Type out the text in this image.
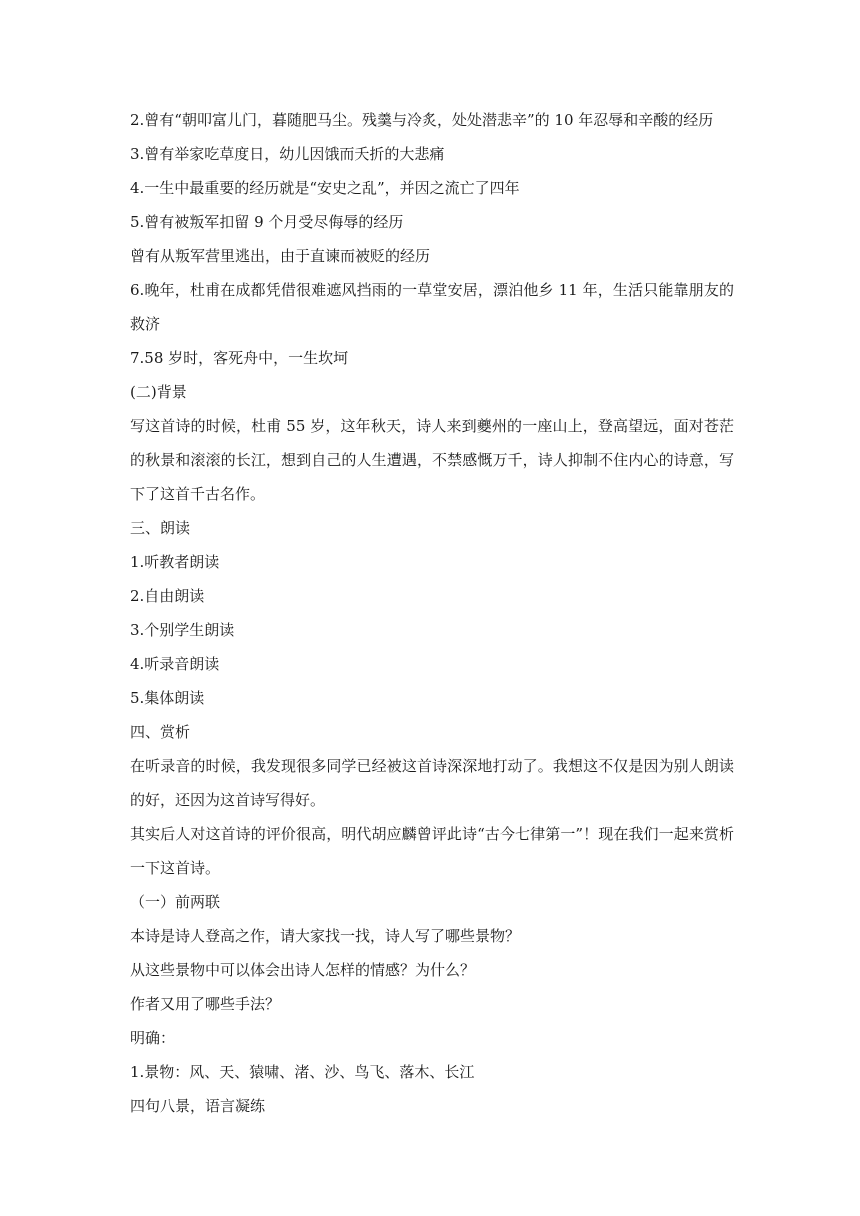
2.曾有“朝叩富儿门，暮随肥马尘。残羹与冷炙，处处潜悲辛”的 10 年忍辱和辛酸的经历
3.曾有举家吃草度日，幼儿因饿而夭折的大悲痛
4.一生中最重要的经历就是“安史之乱”，并因之流亡了四年
5.曾有被叛军扣留 9 个月受尽侮辱的经历
曾有从叛军营里逃出，由于直谏而被贬的经历
6.晚年，杜甫在成都凭借很难遮风挡雨的一草堂安居，漂泊他乡 11 年，生活只能靠朋友的
救济
7.58 岁时，客死舟中，一生坎坷
(二)背景
写这首诗的时候，杜甫 55 岁，这年秋天，诗人来到夔州的一座山上，登高望远，面对苍茫
的秋景和滚滚的长江，想到自己的人生遭遇，不禁感慨万千，诗人抑制不住内心的诗意，写
下了这首千古名作。
三、朗读
1.听教者朗读
2.自由朗读
3.个别学生朗读
4.听录音朗读
5.集体朗读
四、赏析
在听录音的时候，我发现很多同学已经被这首诗深深地打动了。我想这不仅是因为别人朗读
的好，还因为这首诗写得好。
其实后人对这首诗的评价很高，明代胡应麟曾评此诗“古今七律第一”！现在我们一起来赏析
一下这首诗。
（一）前两联
本诗是诗人登高之作，请大家找一找，诗人写了哪些景物？
从这些景物中可以体会出诗人怎样的情感？为什么？
作者又用了哪些手法？
明确：
1.景物：风、天、猿啸、渚、沙、鸟飞、落木、长江
四句八景，语言凝练
